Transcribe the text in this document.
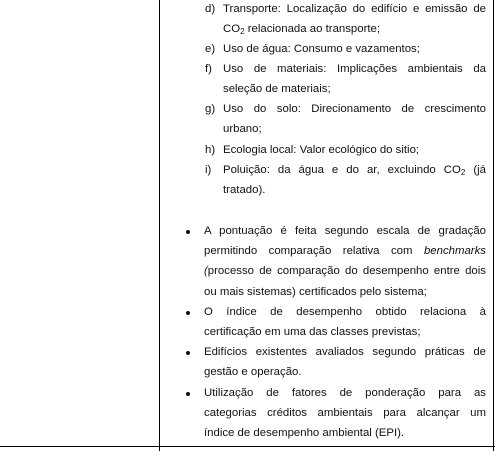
d) Transporte: Localização do edifício e emissão de
$CO_2$ relacionada ao transporte;
e) Uso de água: Consumo e vazamentos;
f) Uso de materiais: Implicações ambientais da
seleção de materiais;
g) Uso do solo: Direcionamento de crescimento
urbano;
h) Ecologia local: Valor ecológico do sitio;
i) Poluição: da água e do ar, excluindo $CO_2$ (já
tratado).
A pontuação é feita segundo escala de gradação
permitindo comparação relativa com benchmarks
(processo de comparação do desempenho entre dois
ou mais sistemas) certificados pelo sistema;
O índice de desempenho obtido relaciona à
certificação em uma das classes previstas;
Edifícios existentes avaliados segundo práticas de
gestão e operação.
Utilização de fatores de ponderação para as
categorias créditos ambientais para alcançar um
índice de desempenho ambiental (EPI).
